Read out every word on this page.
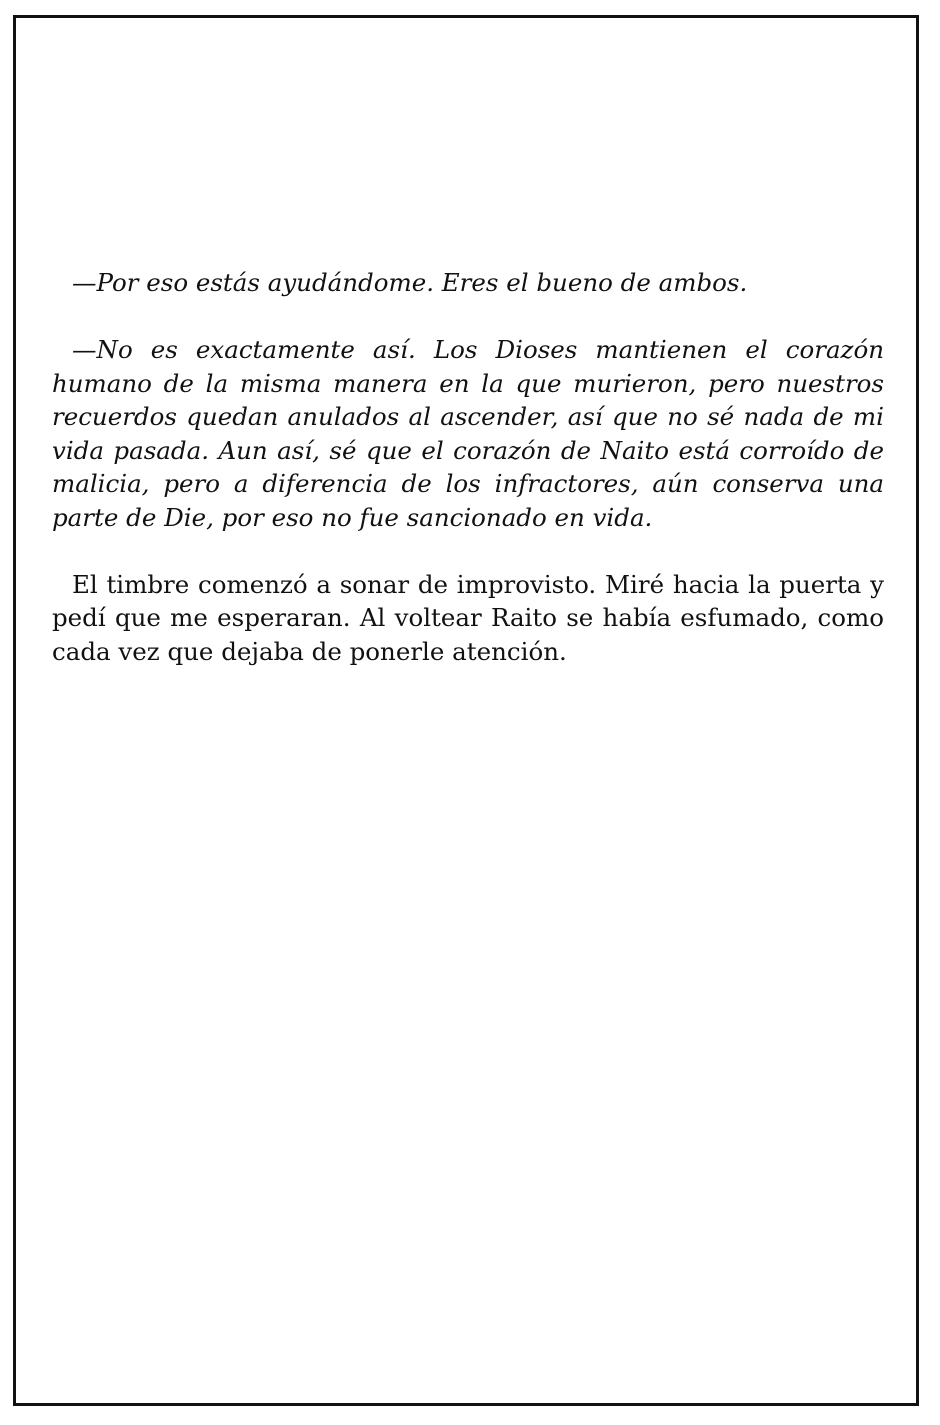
—Por eso estás ayudándome. Eres el bueno de ambos.

—No es exactamente así. Los Dioses mantienen el corazón humano de la misma manera en la que murieron, pero nuestros recuerdos quedan anulados al ascender, así que no sé nada de mi vida pasada. Aun así, sé que el corazón de Naito está corroído de malicia, pero a diferencia de los infractores, aún conserva una parte de Die, por eso no fue sancionado en vida.

El timbre comenzó a sonar de improvisto. Miré hacia la puerta y pedí que me esperaran. Al voltear Raito se había esfumado, como cada vez que dejaba de ponerle atención.
